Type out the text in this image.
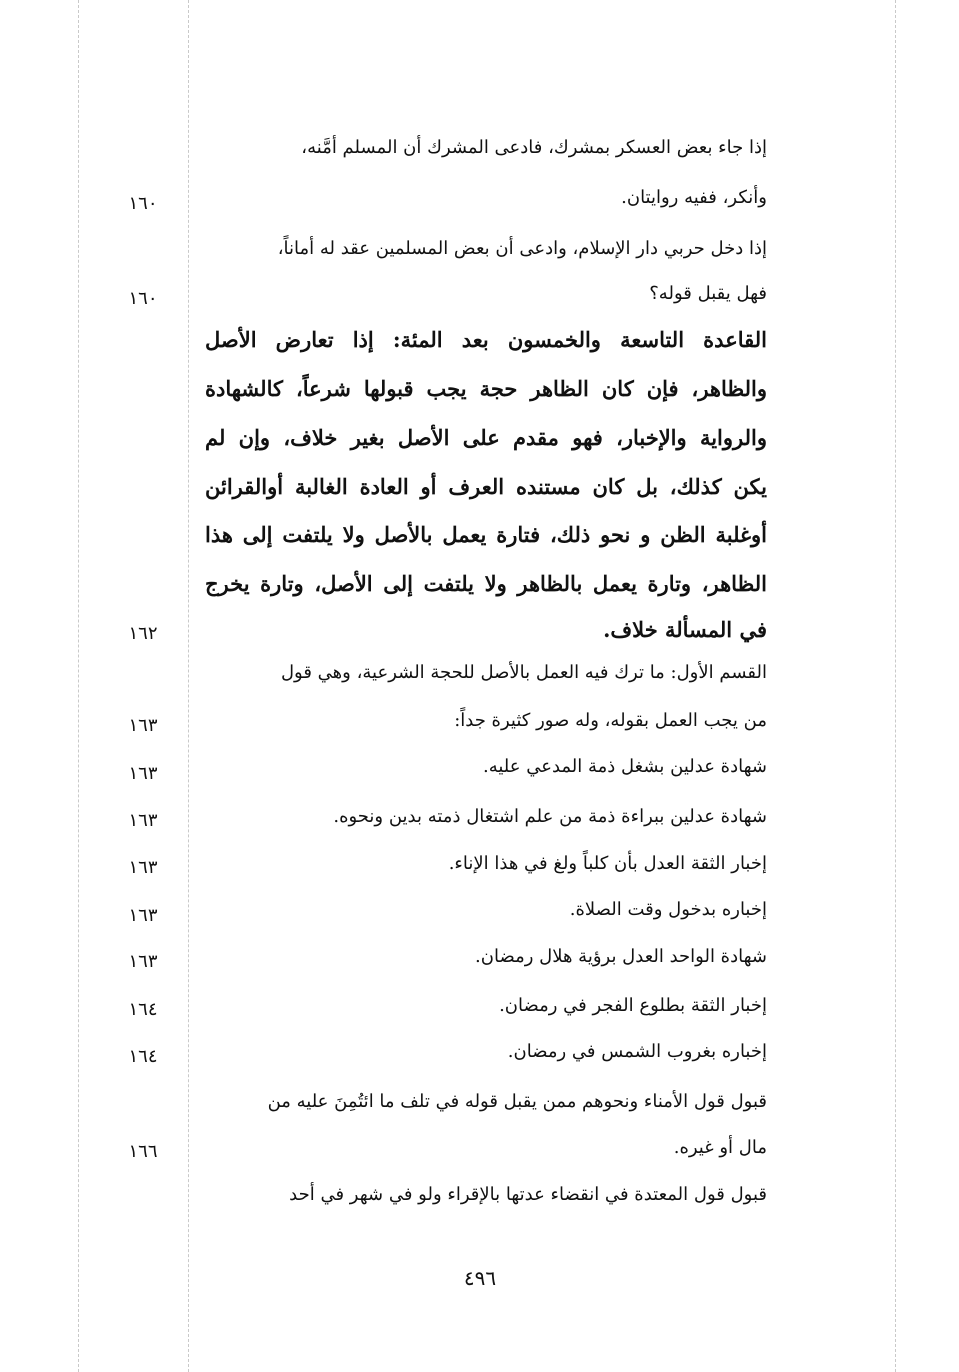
إذا جاء بعض العسكر بمشرك، فادعى المشرك أن المسلم أمَّنه،
وأنكر، ففيه روايتان.
إذا دخل حربي دار الإسلام، وادعى أن بعض المسلمين عقد له أماناً،
فهل يقبل قوله؟
القاعدة التاسعة والخمسون بعد المئة: إذا تعارض الأصل
والظاهر، فإن كان الظاهر حجة يجب قبولها شرعاً، كالشهادة
والرواية والإخبار، فهو مقدم على الأصل بغير خلاف، وإن لم
يكن كذلك، بل كان مستنده العرف أو العادة الغالبة أوالقرائن
أوغلبة الظن و نحو ذلك، فتارة يعمل بالأصل ولا يلتفت إلى هذا
الظاهر، وتارة يعمل بالظاهر ولا يلتفت إلى الأصل، وتارة يخرج
في المسألة خلاف.
القسم الأول: ما ترك فيه العمل بالأصل للحجة الشرعية، وهي قول
من يجب العمل بقوله، وله صور كثيرة جداً:
شهادة عدلين بشغل ذمة المدعي عليه.
شهادة عدلين ببراءة ذمة من علم اشتغال ذمته بدين ونحوه.
إخبار الثقة العدل بأن كلباً ولغ في هذا الإناء.
إخباره بدخول وقت الصلاة.
شهادة الواحد العدل برؤية هلال رمضان.
إخبار الثقة بطلوع الفجر في رمضان.
إخباره بغروب الشمس في رمضان.
قبول قول الأمناء ونحوهم ممن يقبل قوله في تلف ما ائتُمِنَ عليه من
مال أو غيره.
قبول قول المعتدة في انقضاء عدتها بالإقراء ولو في شهر في أحد
١٦٠
١٦٠
١٦٢
١٦٣
١٦٣
١٦٣
١٦٣
١٦٣
١٦٣
١٦٤
١٦٤
١٦٦
٤٩٦
